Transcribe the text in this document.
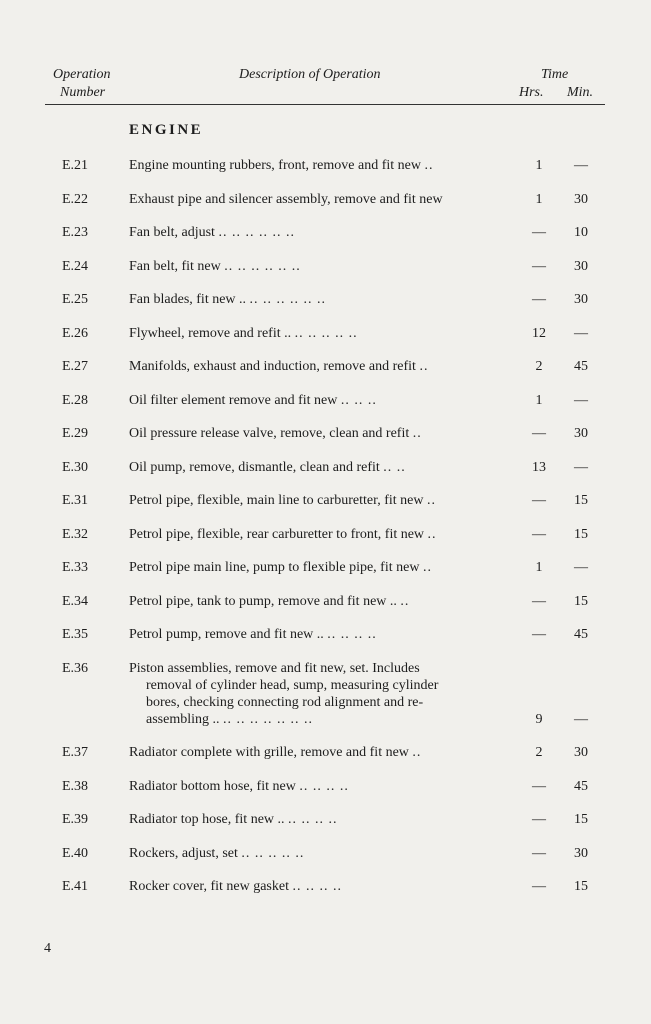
Operation
Number
Description of Operation	Time
Hrs. Min.
ENGINE
E.21	Engine mounting rubbers, front, remove and fit new ..	1	—
E.22	Exhaust pipe and silencer assembly, remove and fit new	1	30
E.23	Fan belt, adjust .. .. .. .. .. ..	—	10
E.24	Fan belt, fit new .. .. .. .. .. ..	—	30
E.25	Fan blades, fit new .. .. .. .. .. .. ..	—	30
E.26	Flywheel, remove and refit .. .. .. .. .. ..	12	—
E.27	Manifolds, exhaust and induction, remove and refit ..	2	45
E.28	Oil filter element remove and fit new .. .. ..	1	—
E.29	Oil pressure release valve, remove, clean and refit ..	—	30
E.30	Oil pump, remove, dismantle, clean and refit .. ..	13	—
E.31	Petrol pipe, flexible, main line to carburetter, fit new ..	—	15
E.32	Petrol pipe, flexible, rear carburetter to front, fit new ..	—	15
E.33	Petrol pipe main line, pump to flexible pipe, fit new ..	1	—
E.34	Petrol pipe, tank to pump, remove and fit new .. ..	—	15
E.35	Petrol pump, remove and fit new .. .. .. .. ..	—	45
E.36	Piston assemblies, remove and fit new, set. Includes
removal of cylinder head, sump, measuring cylinder
bores, checking connecting rod alignment and re-
assembling .. .. .. .. .. .. .. ..	9	—
E.37	Radiator complete with grille, remove and fit new ..	2	30
E.38	Radiator bottom hose, fit new .. .. .. ..	—	45
E.39	Radiator top hose, fit new .. .. .. .. ..	—	15
E.40	Rockers, adjust, set .. .. .. .. ..	—	30
E.41	Rocker cover, fit new gasket .. .. .. ..	—	15
4
